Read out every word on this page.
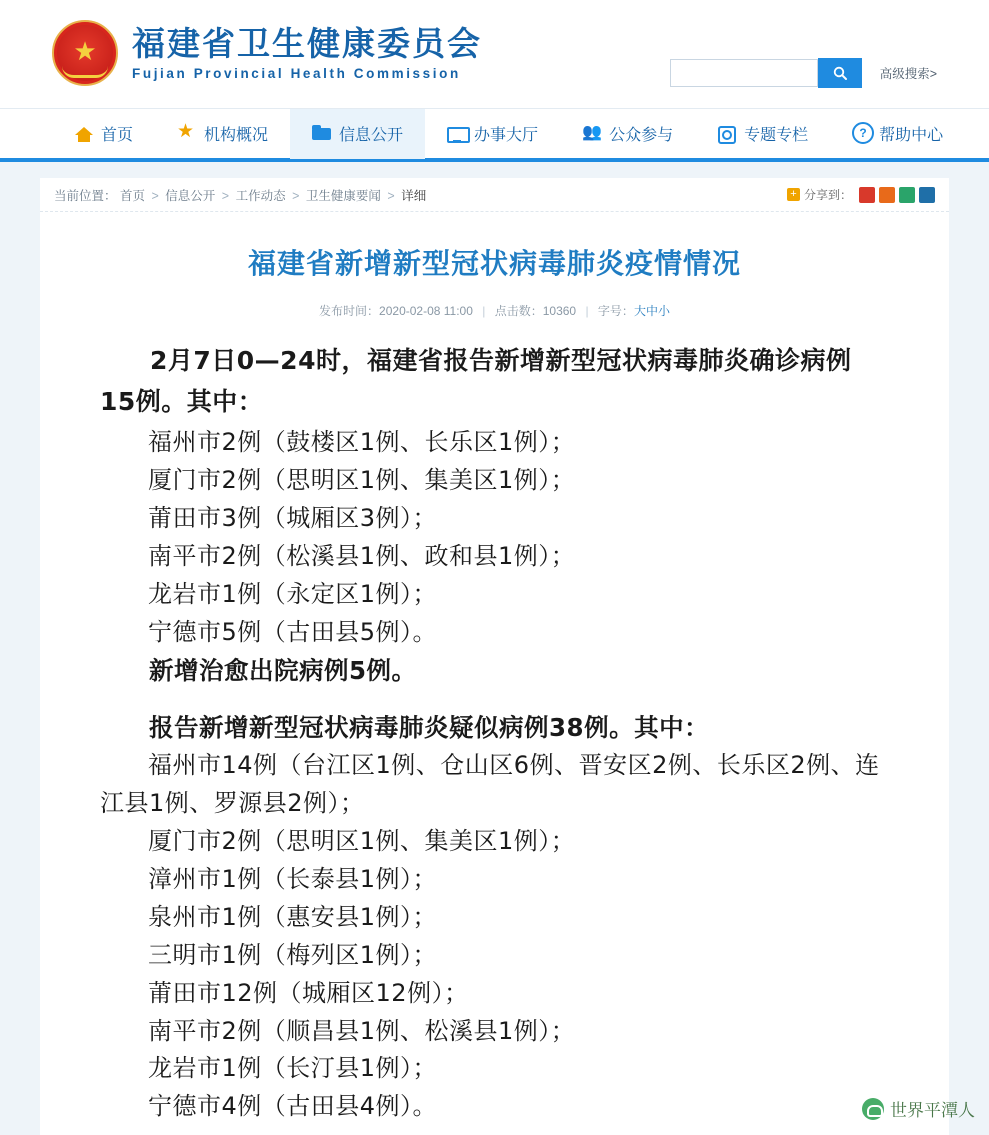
★ 福建省卫生健康委员会
Fujian Provincial Health Commission	高级搜索>
首页 ★	机构概况	信息公开	办事大厅 👥	公众参与	专题专栏 ?	帮助中心
当前位置： 首页 > 信息公开 > 工作动态 > 卫生健康要闻 > 详细	+ 分享到：
福建省新增新型冠状病毒肺炎疫情情况
发布时间：2020-02-08 11:00 | 点击数：10360 | 字号：大中小

2月7日0—24时，福建省报告新增新型冠状病毒肺炎确诊病例15例。其中：

福州市2例（鼓楼区1例、长乐区1例）；

厦门市2例（思明区1例、集美区1例）；

莆田市3例（城厢区3例）；

南平市2例（松溪县1例、政和县1例）；

龙岩市1例（永定区1例）；

宁德市5例（古田县5例）。

新增治愈出院病例5例。

报告新增新型冠状病毒肺炎疑似病例38例。其中：

福州市14例（台江区1例、仓山区6例、晋安区2例、长乐区2例、连江县1例、罗源县2例）；

厦门市2例（思明区1例、集美区1例）；

漳州市1例（长泰县1例）；

泉州市1例（惠安县1例）；

三明市1例（梅列区1例）；

莆田市12例（城厢区12例）；

南平市2例（顺昌县1例、松溪县1例）；

龙岩市1例（长汀县1例）；

宁德市4例（古田县4例）。	世界平潭人
